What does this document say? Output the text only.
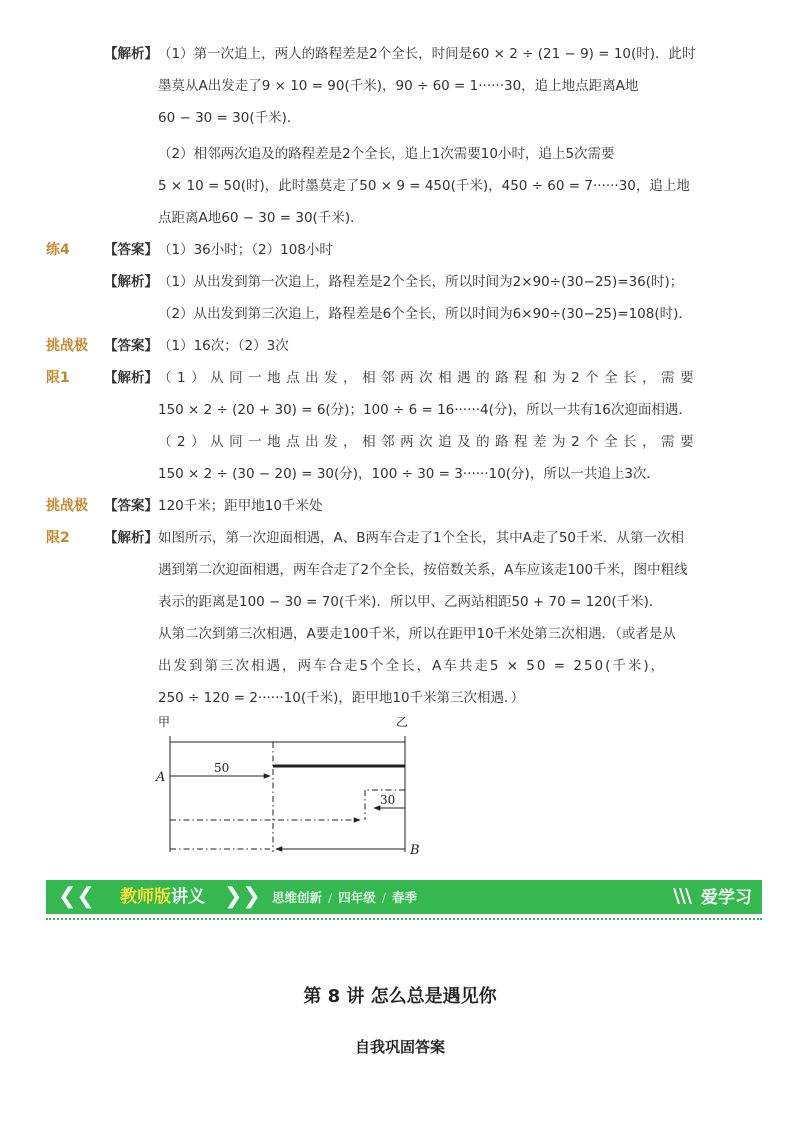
【解析】 （1）第一次追上，两人的路程差是2个全长，时间是60 × 2 ÷ (21 − 9) = 10(时)．此时
墨莫从A出发走了9 × 10 = 90(千米)，90 ÷ 60 = 1······30，追上地点距离A地
60 − 30 = 30(千米)．
（2）相邻两次追及的路程差是2个全长，追上1次需要10小时，追上5次需要
5 × 10 = 50(时)，此时墨莫走了50 × 9 = 450(千米)，450 ÷ 60 = 7······30，追上地
点距离A地60 − 30 = 30(千米)．
练4	【答案】 （1）36小时；（2）108小时
【解析】 （1）从出发到第一次追上，路程差是2个全长，所以时间为2×90÷(30−25)=36(时)；
（2）从出发到第三次追上，路程差是6个全长，所以时间为6×90÷(30−25)=108(时)．
挑战极
限1
【答案】 （1）16次；（2）3次
【解析】 （1）从同一地点出发，相邻两次相遇的路程和为2个全长，需要
150 × 2 ÷ (20 + 30) = 6(分)；100 ÷ 6 = 16······4(分)，所以一共有16次迎面相遇．
（2）从同一地点出发，相邻两次追及的路程差为2个全长，需要
150 × 2 ÷ (30 − 20) = 30(分)，100 ÷ 30 = 3······10(分)，所以一共追上3次．
挑战极
限2
【答案】 120千米；距甲地10千米处
【解析】 如图所示，第一次迎面相遇，A、B两车合走了1个全长，其中A走了50千米．从第一次相
遇到第二次迎面相遇，两车合走了2个全长，按倍数关系，A车应该走100千米，图中粗线
表示的距离是100 − 30 = 70(千米)．所以甲、乙两站相距50 + 70 = 120(千米)．
从第二次到第三次相遇，A要走100千米，所以在距甲10千米处第三次相遇．（或者是从
出发到第三次相遇，两车合走5个全长，A车共走5 × 50 = 250(千米)，
250 ÷ 120 = 2······10(千米)，距甲地10千米第三次相遇．）
甲	乙
A
B
50
30
❮❮ 教师版讲义 ❯❯ 思维创新 / 四年级 / 春季	爱学习
第 8 讲 怎么总是遇见你
自我巩固答案
